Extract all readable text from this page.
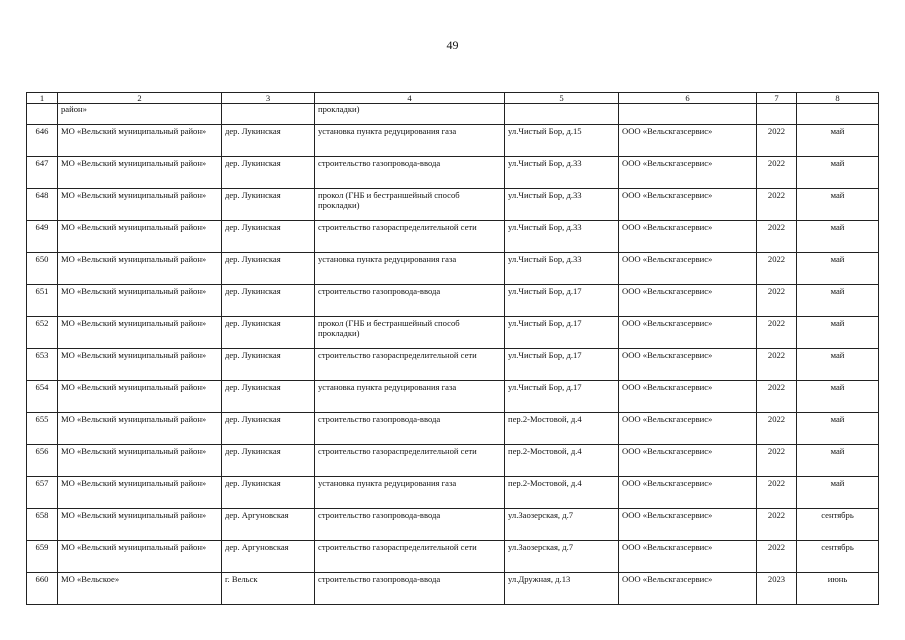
49
1	2	3	4	5	6	7	8
	район»		прокладки)				
646	МО «Вельский муниципальный район»	дер. Лукинская	установка пункта редуцирования газа	ул.Чистый Бор, д.15	ООО «Вельскгазсервис»	2022	май
647	МО «Вельский муниципальный район»	дер. Лукинская	строительство газопровода-ввода	ул.Чистый Бор, д.33	ООО «Вельскгазсервис»	2022	май
648	МО «Вельский муниципальный район»	дер. Лукинская	прокол (ГНБ и бестраншейный способ прокладки)	ул.Чистый Бор, д.33	ООО «Вельскгазсервис»	2022	май
649	МО «Вельский муниципальный район»	дер. Лукинская	строительство газораспределительной сети	ул.Чистый Бор, д.33	ООО «Вельскгазсервис»	2022	май
650	МО «Вельский муниципальный район»	дер. Лукинская	установка пункта редуцирования газа	ул.Чистый Бор, д.33	ООО «Вельскгазсервис»	2022	май
651	МО «Вельский муниципальный район»	дер. Лукинская	строительство газопровода-ввода	ул.Чистый Бор, д.17	ООО «Вельскгазсервис»	2022	май
652	МО «Вельский муниципальный район»	дер. Лукинская	прокол (ГНБ и бестраншейный способ прокладки)	ул.Чистый Бор, д.17	ООО «Вельскгазсервис»	2022	май
653	МО «Вельский муниципальный район»	дер. Лукинская	строительство газораспределительной сети	ул.Чистый Бор, д.17	ООО «Вельскгазсервис»	2022	май
654	МО «Вельский муниципальный район»	дер. Лукинская	установка пункта редуцирования газа	ул.Чистый Бор, д.17	ООО «Вельскгазсервис»	2022	май
655	МО «Вельский муниципальный район»	дер. Лукинская	строительство газопровода-ввода	пер.2-Мостовой, д.4	ООО «Вельскгазсервис»	2022	май
656	МО «Вельский муниципальный район»	дер. Лукинская	строительство газораспределительной сети	пер.2-Мостовой, д.4	ООО «Вельскгазсервис»	2022	май
657	МО «Вельский муниципальный район»	дер. Лукинская	установка пункта редуцирования газа	пер.2-Мостовой, д.4	ООО «Вельскгазсервис»	2022	май
658	МО «Вельский муниципальный район»	дер. Аргуновская	строительство газопровода-ввода	ул.Заозерская, д.7	ООО «Вельскгазсервис»	2022	сентябрь
659	МО «Вельский муниципальный район»	дер. Аргуновская	строительство газораспределительной сети	ул.Заозерская, д.7	ООО «Вельскгазсервис»	2022	сентябрь
660	МО «Вельское»	г. Вельск	строительство газопровода-ввода	ул.Дружная, д.13	ООО «Вельскгазсервис»	2023	июнь
